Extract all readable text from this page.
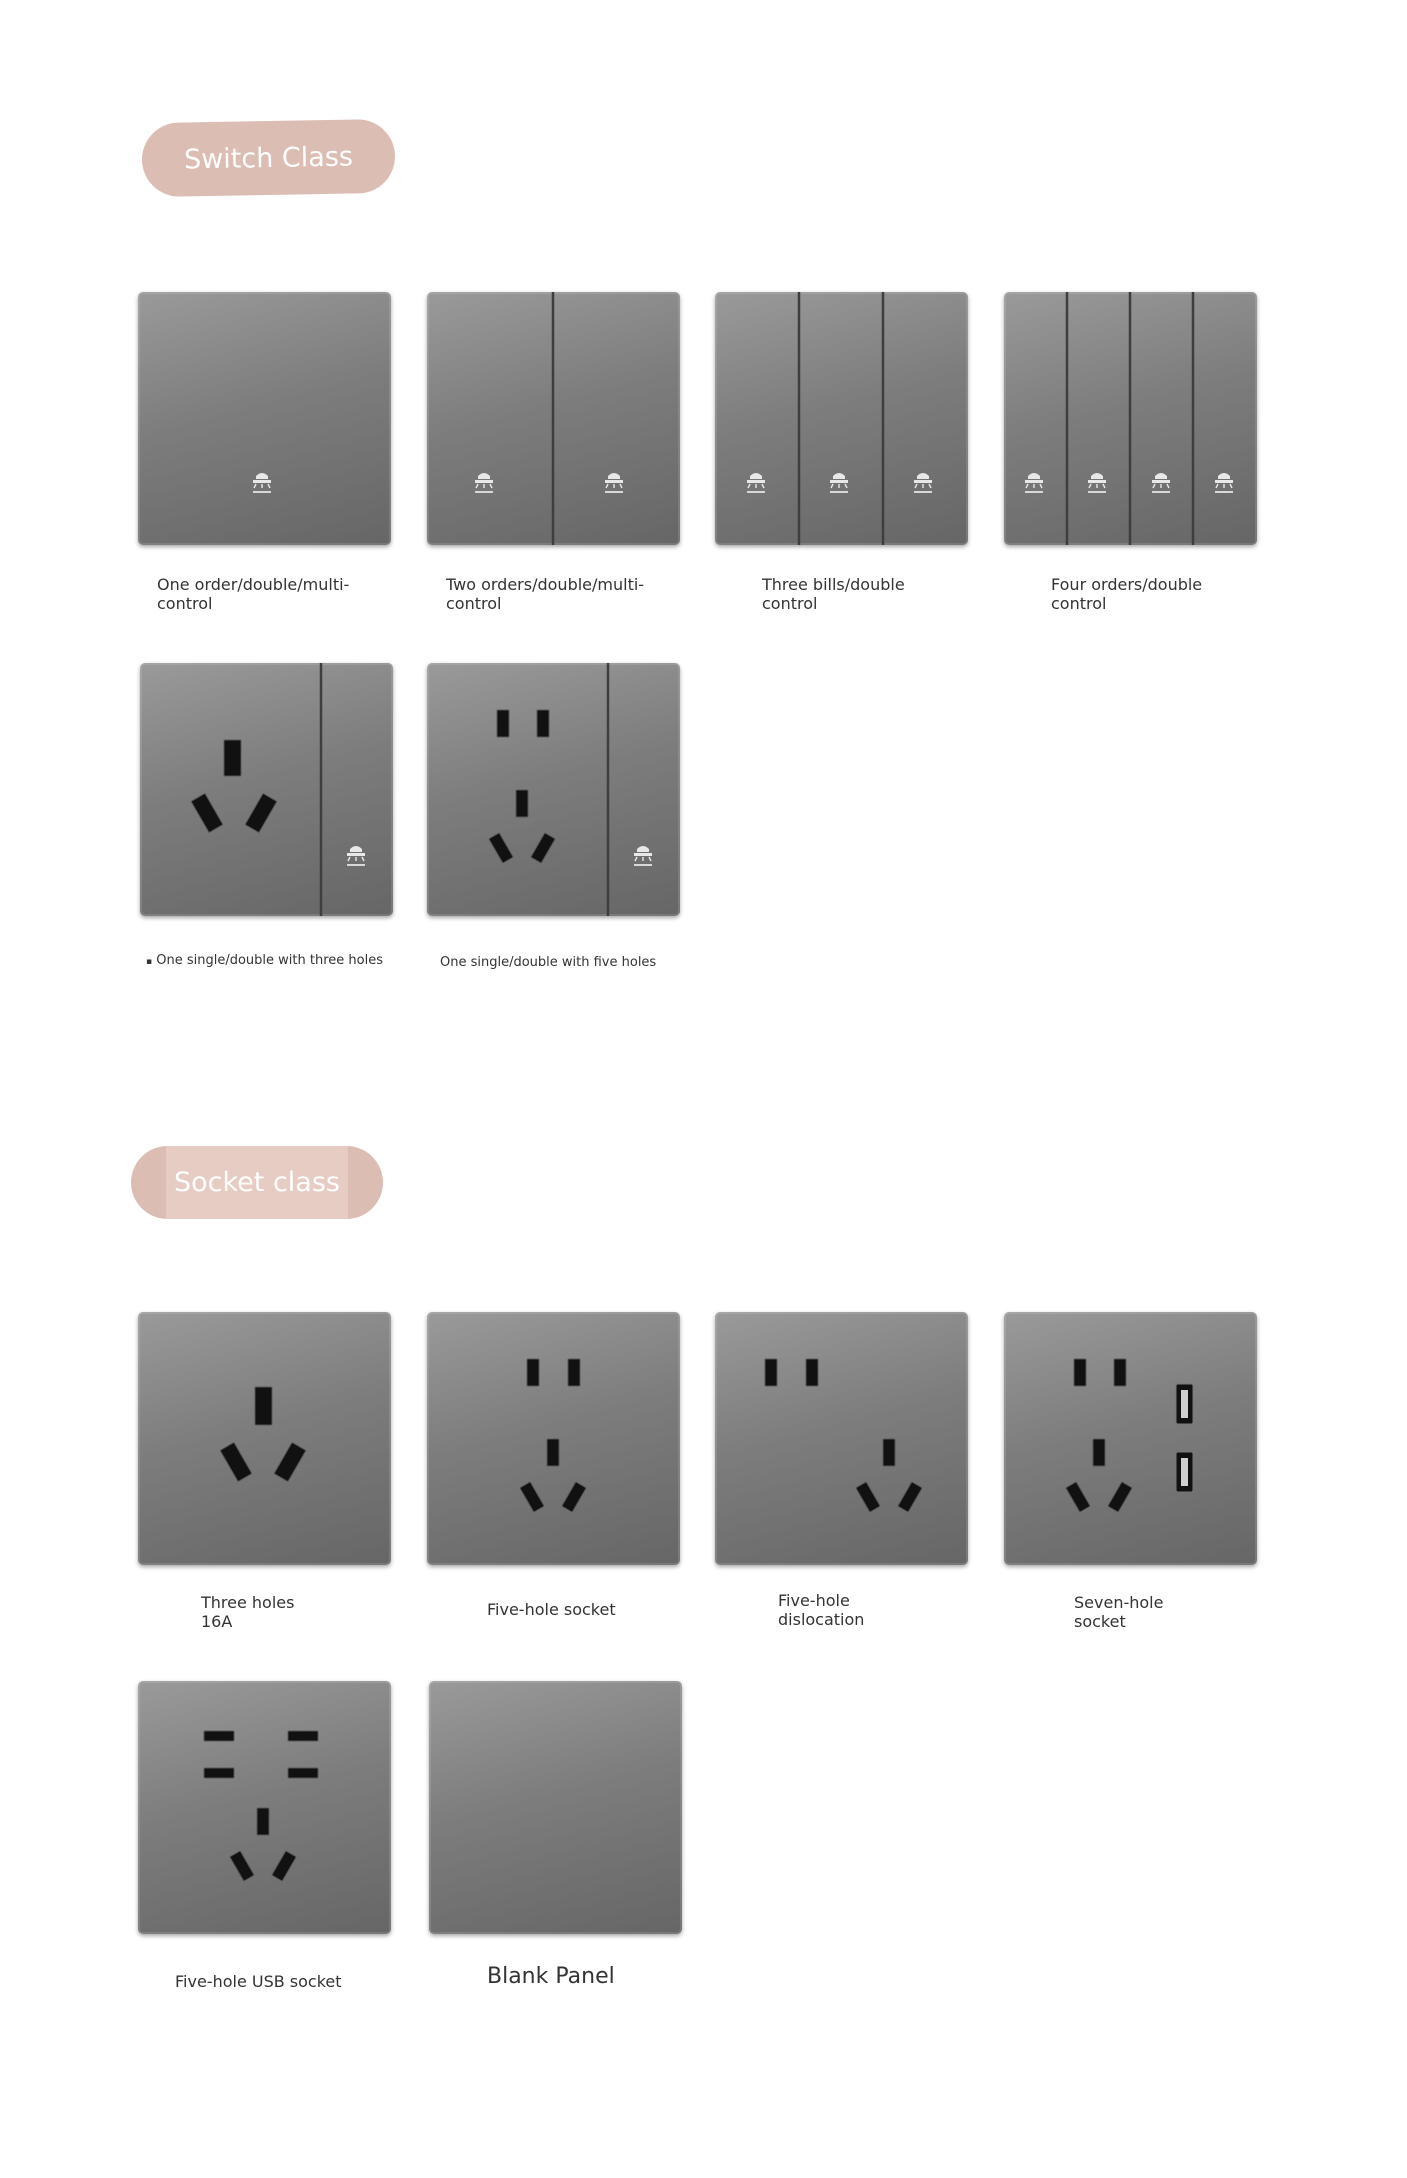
Switch Class
One order/double/multi-
control
Two orders/double/multi-
control
Three bills/double
control
Four orders/double
control
▪ One single/double with three holes	One single/double with five holes
Socket class
Three holes
16A
Five-hole socket	Five-hole
dislocation
Seven-hole
socket
Five-hole USB socket	Blank Panel
